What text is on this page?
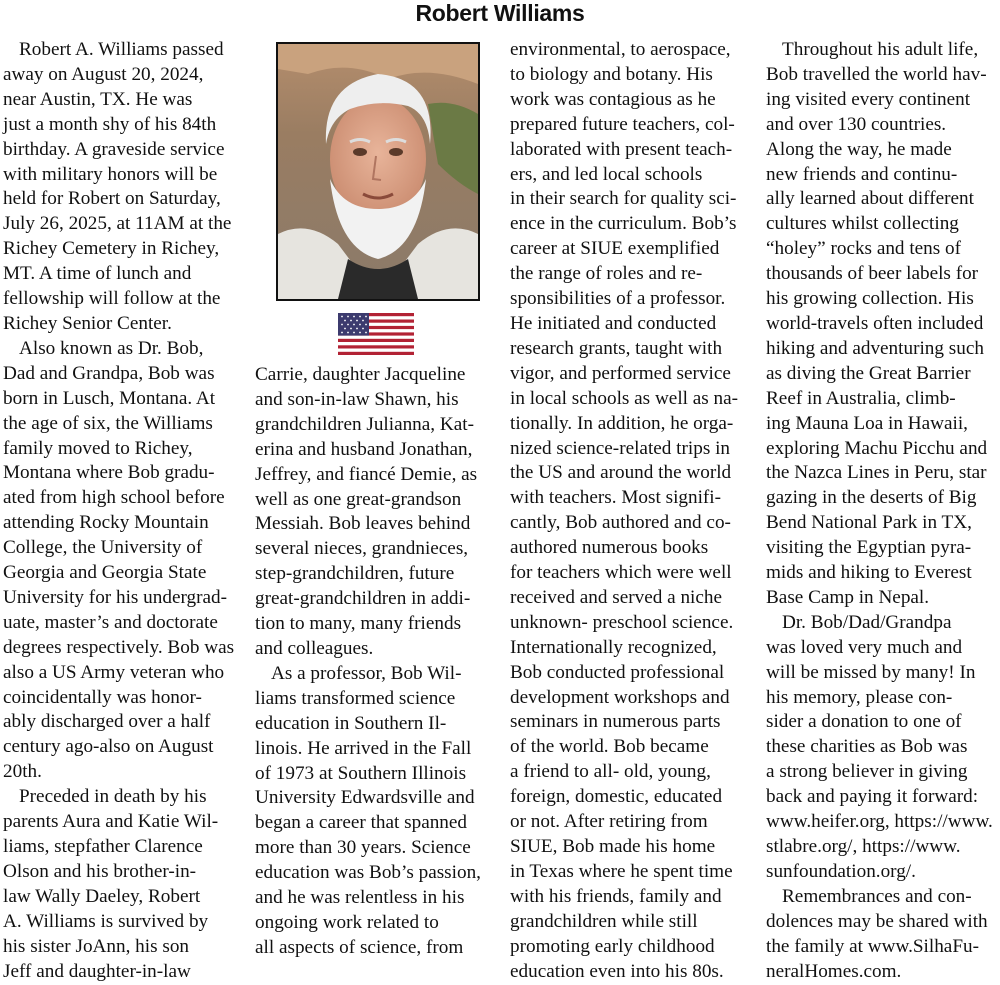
Robert Williams

Robert A. Williams passed
away on August 20, 2024,
near Austin, TX. He was
just a month shy of his 84th
birthday. A graveside service
with military honors will be
held for Robert on Saturday,
July 26, 2025, at 11AM at the
Richey Cemetery in Richey,
MT. A time of lunch and
fellowship will follow at the
Richey Senior Center.

Also known as Dr. Bob,
Dad and Grandpa, Bob was
born in Lusch, Montana. At
the age of six, the Williams
family moved to Richey,
Montana where Bob gradu-
ated from high school before
attending Rocky Mountain
College, the University of
Georgia and Georgia State
University for his undergrad-
uate, master’s and doctorate
degrees respectively. Bob was
also a US Army veteran who
coincidentally was honor-
ably discharged over a half
century ago-also on August
20th.

Preceded in death by his
parents Aura and Katie Wil-
liams, stepfather Clarence
Olson and his brother-in-
law Wally Daeley, Robert
A. Williams is survived by
his sister JoAnn, his son
Jeff and daughter-in-law

Carrie, daughter Jacqueline
and son-in-law Shawn, his
grandchildren Julianna, Kat-
erina and husband Jonathan,
Jeffrey, and fiancé Demie, as
well as one great-grandson
Messiah. Bob leaves behind
several nieces, grandnieces,
step-grandchildren, future
great-grandchildren in addi-
tion to many, many friends
and colleagues.

As a professor, Bob Wil-
liams transformed science
education in Southern Il-
linois. He arrived in the Fall
of 1973 at Southern Illinois
University Edwardsville and
began a career that spanned
more than 30 years. Science
education was Bob’s passion,
and he was relentless in his
ongoing work related to
all aspects of science, from

environmental, to aerospace,
to biology and botany. His
work was contagious as he
prepared future teachers, col-
laborated with present teach-
ers, and led local schools
in their search for quality sci-
ence in the curriculum. Bob’s
career at SIUE exemplified
the range of roles and re-
sponsibilities of a professor.
He initiated and conducted
research grants, taught with
vigor, and performed service
in local schools as well as na-
tionally. In addition, he orga-
nized science-related trips in
the US and around the world
with teachers. Most signifi-
cantly, Bob authored and co-
authored numerous books
for teachers which were well
received and served a niche
unknown- preschool science.
Internationally recognized,
Bob conducted professional
development workshops and
seminars in numerous parts
of the world. Bob became
a friend to all- old, young,
foreign, domestic, educated
or not. After retiring from
SIUE, Bob made his home
in Texas where he spent time
with his friends, family and
grandchildren while still
promoting early childhood
education even into his 80s.

Throughout his adult life,
Bob travelled the world hav-
ing visited every continent
and over 130 countries.
Along the way, he made
new friends and continu-
ally learned about different
cultures whilst collecting
“holey” rocks and tens of
thousands of beer labels for
his growing collection. His
world-travels often included
hiking and adventuring such
as diving the Great Barrier
Reef in Australia, climb-
ing Mauna Loa in Hawaii,
exploring Machu Picchu and
the Nazca Lines in Peru, star
gazing in the deserts of Big
Bend National Park in TX,
visiting the Egyptian pyra-
mids and hiking to Everest
Base Camp in Nepal.

Dr. Bob/Dad/Grandpa
was loved very much and
will be missed by many! In
his memory, please con-
sider a donation to one of
these charities as Bob was
a strong believer in giving
back and paying it forward:
www.heifer.org, https://www.
stlabre.org/, https://www.
sunfoundation.org/.

Remembrances and con-
dolences may be shared with
the family at www.SilhaFu-
neralHomes.com.
